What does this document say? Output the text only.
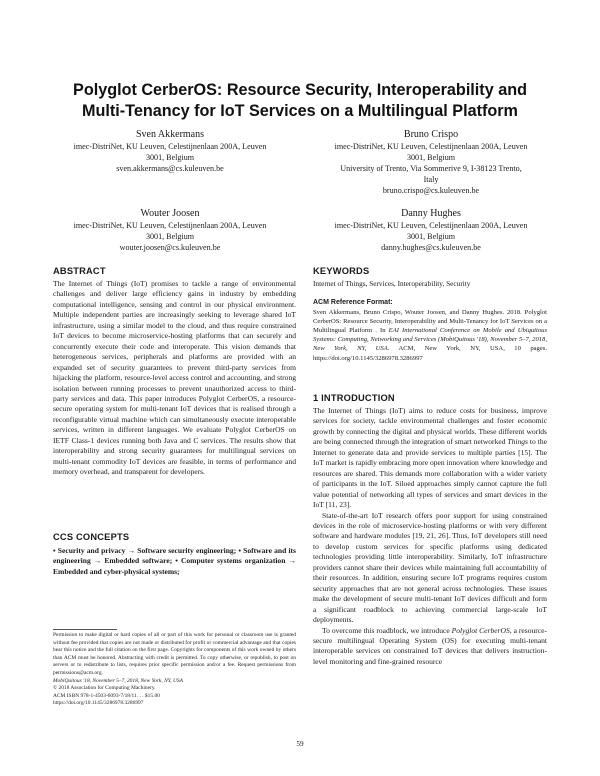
Polyglot CerberOS: Resource Security, Interoperability and
Multi-Tenancy for IoT Services on a Multilingual Platform
Sven Akkermans
imec-DistriNet, KU Leuven, Celestijnenlaan 200A, Leuven
3001, Belgium
sven.akkermans@cs.kuleuven.be
Bruno Crispo
imec-DistriNet, KU Leuven, Celestijnenlaan 200A, Leuven
3001, Belgium
University of Trento, Via Sommerive 9, I-38123 Trento,
Italy
bruno.crispo@cs.kuleuven.be
Wouter Joosen
imec-DistriNet, KU Leuven, Celestijnenlaan 200A, Leuven
3001, Belgium
wouter.joosen@cs.kuleuven.be
Danny Hughes
imec-DistriNet, KU Leuven, Celestijnenlaan 200A, Leuven
3001, Belgium
danny.hughes@cs.kuleuven.be
ABSTRACT

The Internet of Things (IoT) promises to tackle a range of environmental challenges and deliver large efficiency gains in industry by embedding computational intelligence, sensing and control in our physical environment. Multiple independent parties are increasingly seeking to leverage shared IoT infrastructure, using a similar model to the cloud, and thus require constrained IoT devices to become microservice-hosting platforms that can securely and concurrently execute their code and interoperate. This vision demands that heterogeneous services, peripherals and platforms are provided with an expanded set of security guarantees to prevent third-party services from hijacking the platform, resource-level access control and accounting, and strong isolation between running processes to prevent unauthorized access to third-party services and data. This paper introduces Polyglot CerberOS, a resource-secure operating system for multi-tenant IoT devices that is realised through a reconfigurable virtual machine which can simultaneously execute interoperable services, written in different languages. We evaluate Polyglot CerberOS on IETF Class-1 devices running both Java and C services. The results show that interoperability and strong security guarantees for multilingual services on multi-tenant commodity IoT devices are feasible, in terms of performance and memory overhead, and transparent for developers.

CCS CONCEPTS

• Security and privacy → Software security engineering; • Software and its engineering → Embedded software; • Computer systems organization → Embedded and cyber-physical systems;

Permission to make digital or hard copies of all or part of this work for personal or classroom use is granted without fee provided that copies are not made or distributed for profit or commercial advantage and that copies bear this notice and the full citation on the first page. Copyrights for components of this work owned by others than ACM must be honored. Abstracting with credit is permitted. To copy otherwise, or republish, to post on servers or to redistribute to lists, requires prior specific permission and/or a fee. Request permissions from permissions@acm.org.
MobiQuitous '18, November 5–7, 2018, New York, NY, USA
© 2018 Association for Computing Machinery.
ACM ISBN 978-1-4503-6093-7/18/11. . . $15.00
https://doi.org/10.1145/3286978.3286997
KEYWORDS
Internet of Things, Services, Interoperability, Security
ACM Reference Format:
Sven Akkermans, Bruno Crispo, Wouter Joosen, and Danny Hughes. 2018. Polyglot CerberOS: Resource Security, Interoperability and Multi-Tenancy for IoT Services on a Multilingual Platform . In EAI International Conference on Mobile and Ubiquitous Systems: Computing, Networking and Services (MobiQuitous '18), November 5–7, 2018, New York, NY, USA. ACM, New York, NY, USA, 10 pages. https://doi.org/10.1145/3286978.3286997
1 INTRODUCTION

The Internet of Things (IoT) aims to reduce costs for business, improve services for society, tackle environmental challenges and foster economic growth by connecting the digital and physical worlds. These different worlds are being connected through the integration of smart networked Things to the Internet to generate data and provide services to multiple parties [15]. The IoT market is rapidly embracing more open innovation where knowledge and resources are shared. This demands more collaboration with a wider variety of participants in the IoT. Siloed approaches simply cannot capture the full value potential of networking all types of services and smart devices in the IoT [11, 23].

State-of-the-art IoT research offers poor support for using constrained devices in the role of microservice-hosting platforms or with very different software and hardware modules [19, 21, 26]. Thus, IoT developers still need to develop custom services for specific platforms using dedicated technologies providing little interoperability. Similarly, IoT infrastructure providers cannot share their devices while maintaining full accountability of their resources. In addition, ensuring secure IoT programs requires custom security approaches that are not general across technologies. These issues make the development of secure multi-tenant IoT devices difficult and form a significant roadblock to achieving commercial large-scale IoT deployments.

To overcome this roadblock, we introduce Polyglot CerberOS, a resource-secure multilingual Operating System (OS) for executing multi-tenant interoperable services on constrained IoT devices that delivers instruction-level monitoring and fine-grained resource

59
